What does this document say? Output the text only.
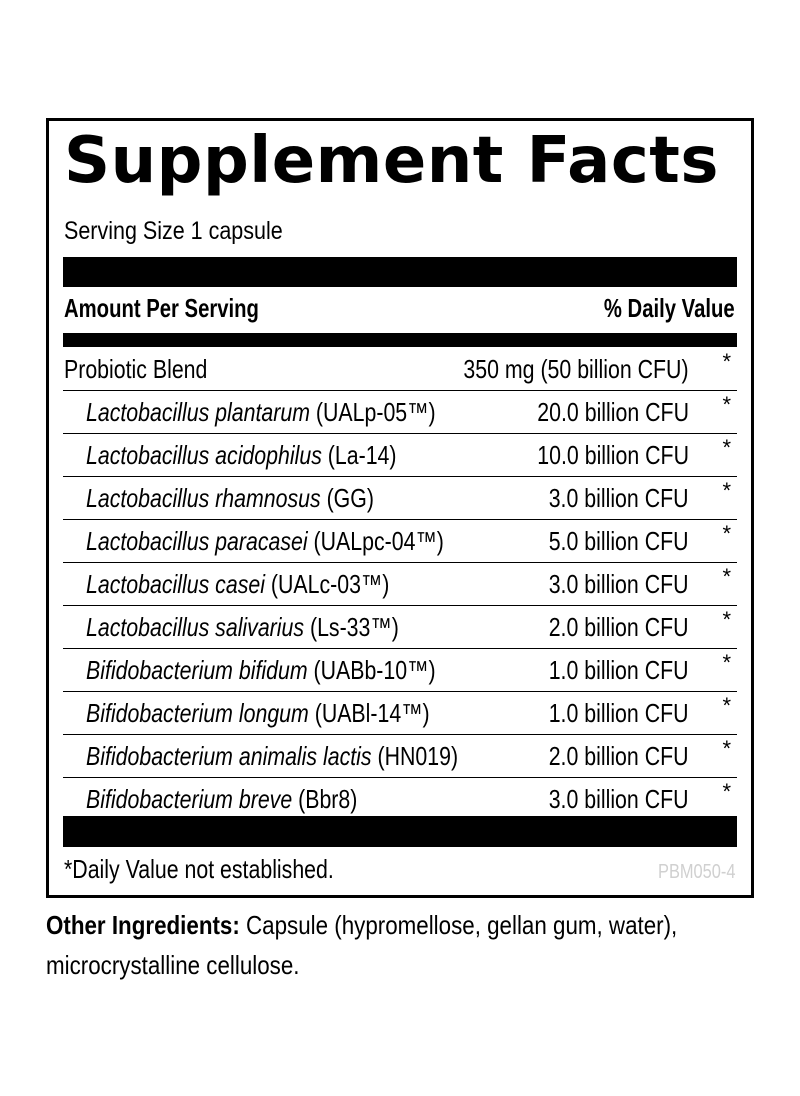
Supplement Facts
Serving Size 1 capsule
Amount Per Serving	% Daily Value
Probiotic Blend	350 mg (50 billion CFU) *
Lactobacillus plantarum (UALp-05™)	20.0 billion CFU *
Lactobacillus acidophilus (La-14)	10.0 billion CFU *
Lactobacillus rhamnosus (GG)	3.0 billion CFU *
Lactobacillus paracasei (UALpc-04™)	5.0 billion CFU *
Lactobacillus casei (UALc-03™)	3.0 billion CFU *
Lactobacillus salivarius (Ls-33™)	2.0 billion CFU *
Bifidobacterium bifidum (UABb-10™)	1.0 billion CFU *
Bifidobacterium longum (UABl-14™)	1.0 billion CFU *
Bifidobacterium animalis lactis (HN019)	2.0 billion CFU *
Bifidobacterium breve (Bbr8)	3.0 billion CFU *
*Daily Value not established.	PBM050-4
Other Ingredients: Capsule (hypromellose, gellan gum, water), microcrystalline cellulose.
